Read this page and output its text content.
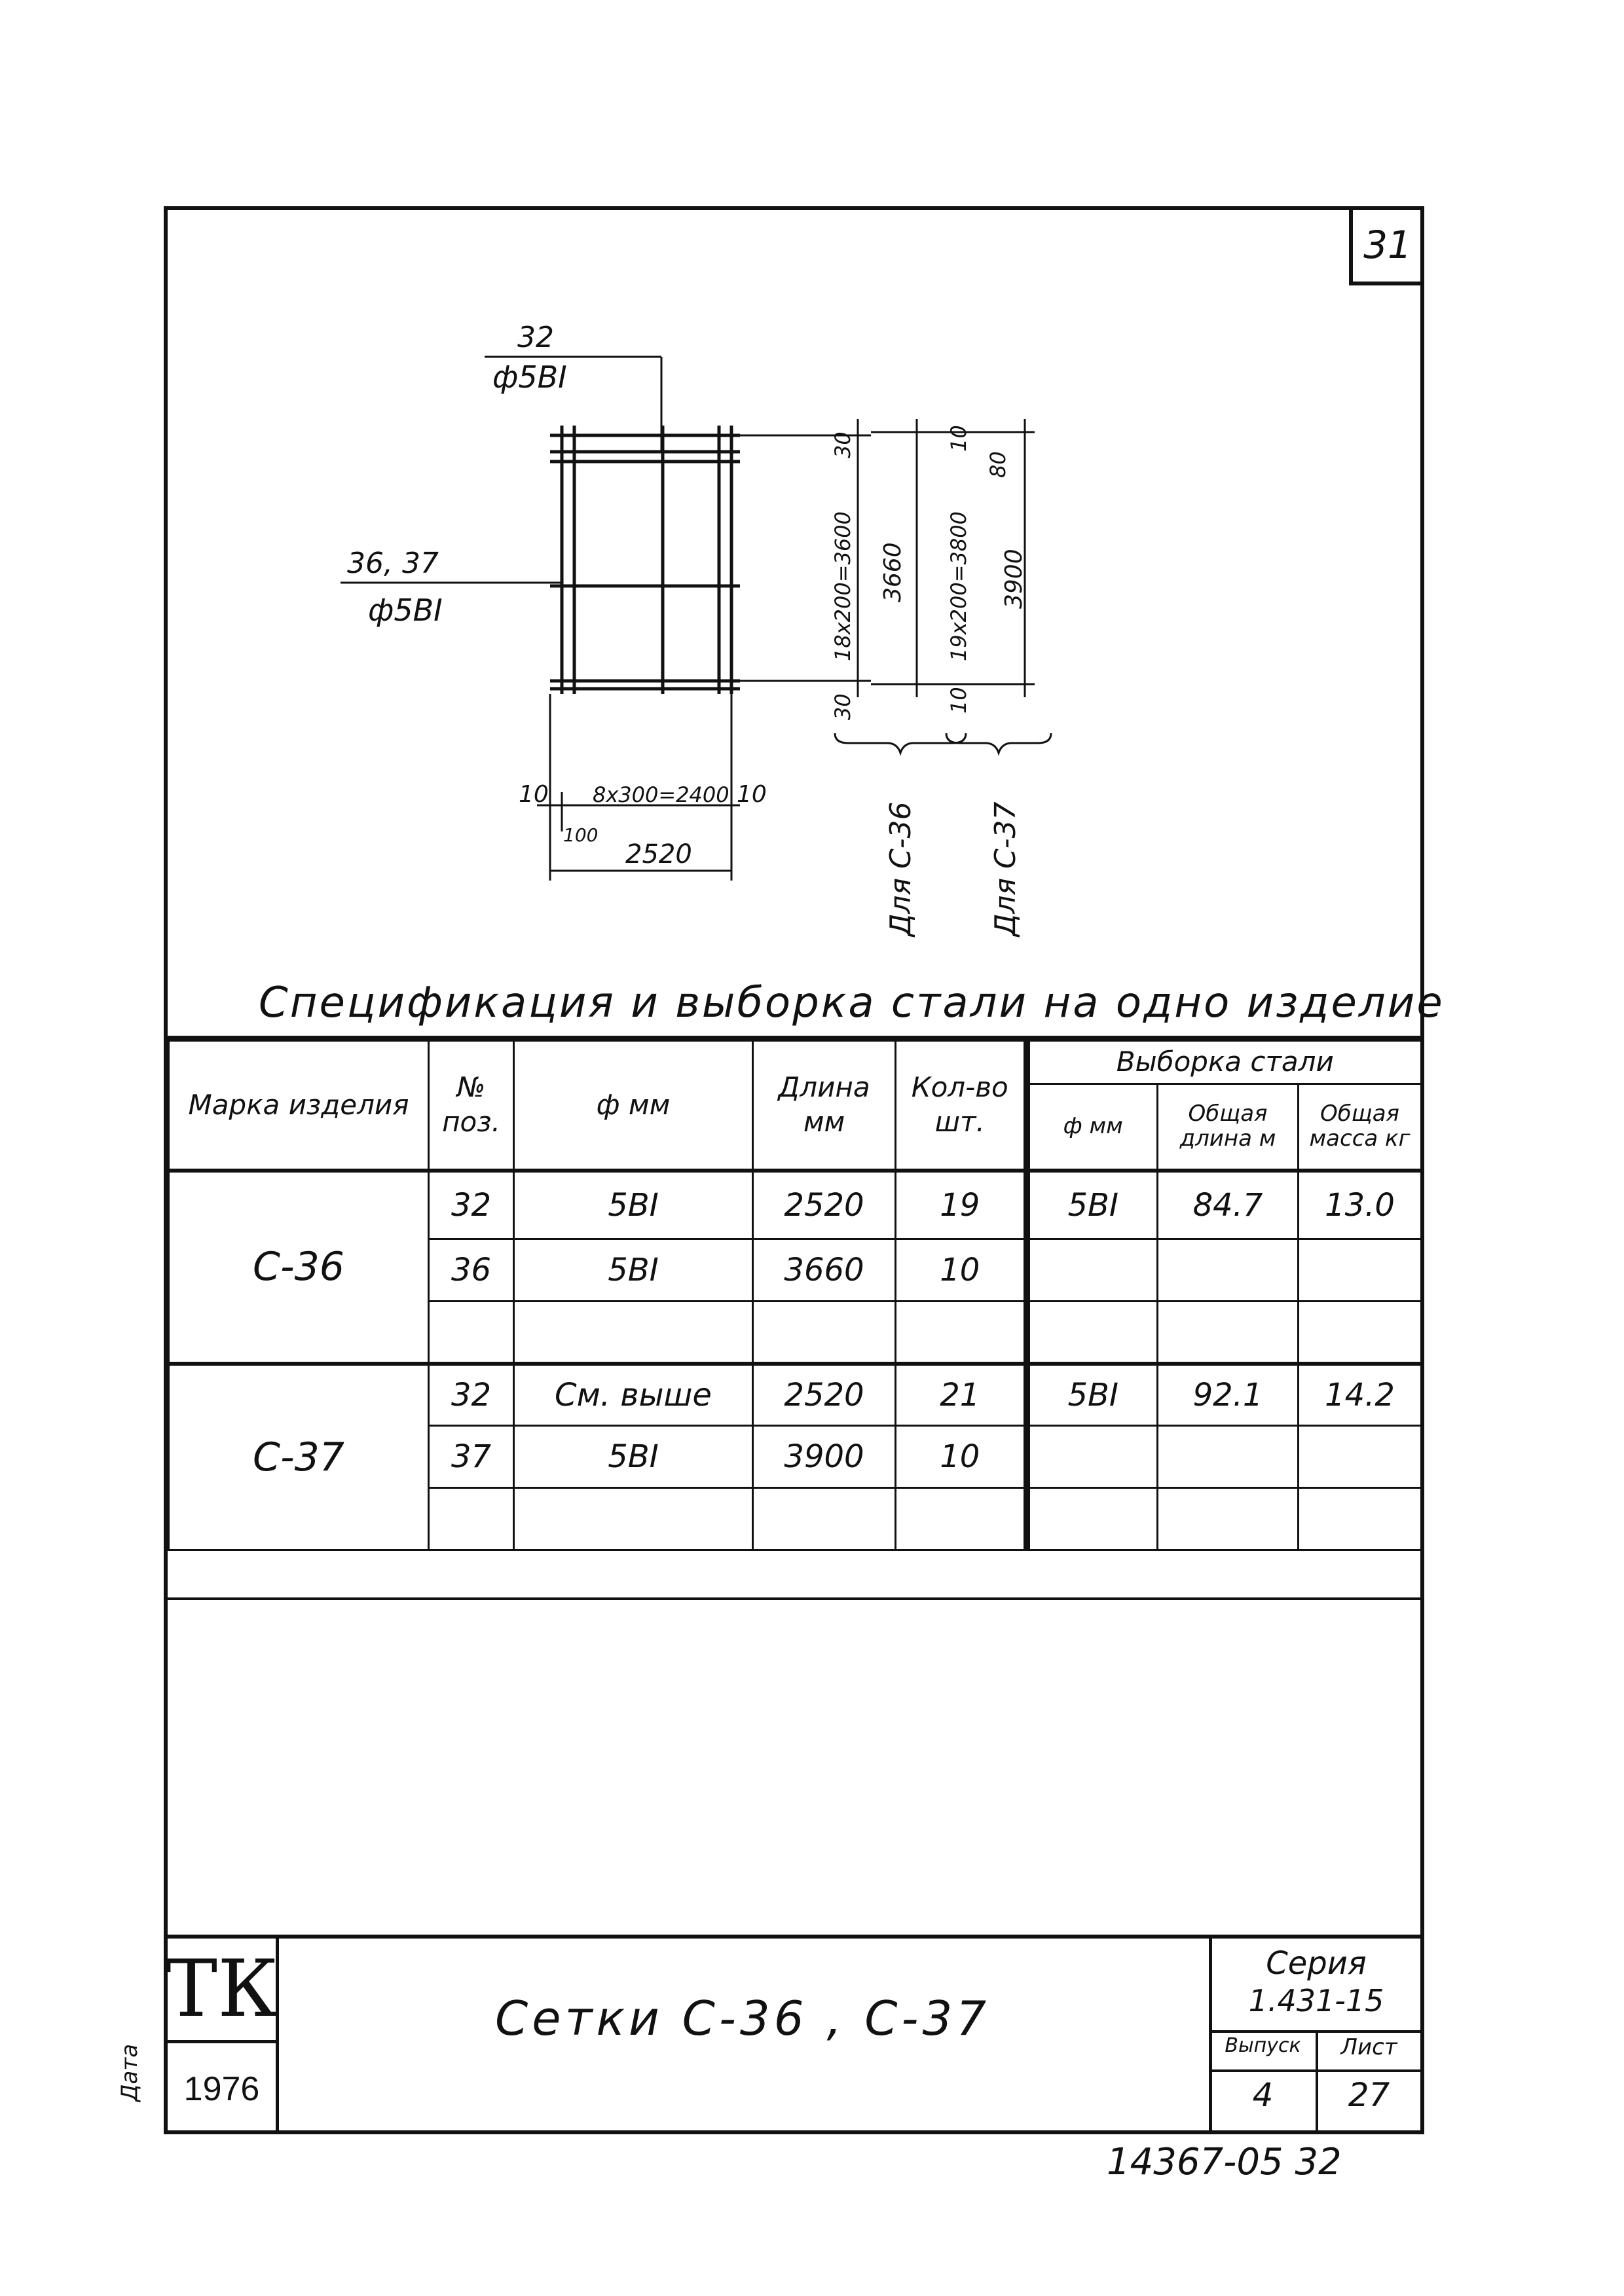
31
32
ф5BI
36, 37
ф5BI
10 8x300=2400 10
100
2520
30
18x200=3600 3660
30
Для С-36
10
80
19x200=3800 3900
10
Для С-37
Спецификация и выборка стали на одно изделие
Марка изделия	№ поз.	ф мм	Длина мм	Кол-во шт.	Выборка стали		
					ф мм	Общая длина м	Общая масса кг
С-36	32	5BI	2520	19	5BI	84.7	13.0
	36	5BI	3660	10			

С-37	32	См. выше	2520	21	5BI	92.1	14.2
	37	5BI	3900	10			

ТК
1976
Сетки С-36 , С-37
Серия
1.431-15
Выпуск	Лист
4	27
Дата
14367-05 32
